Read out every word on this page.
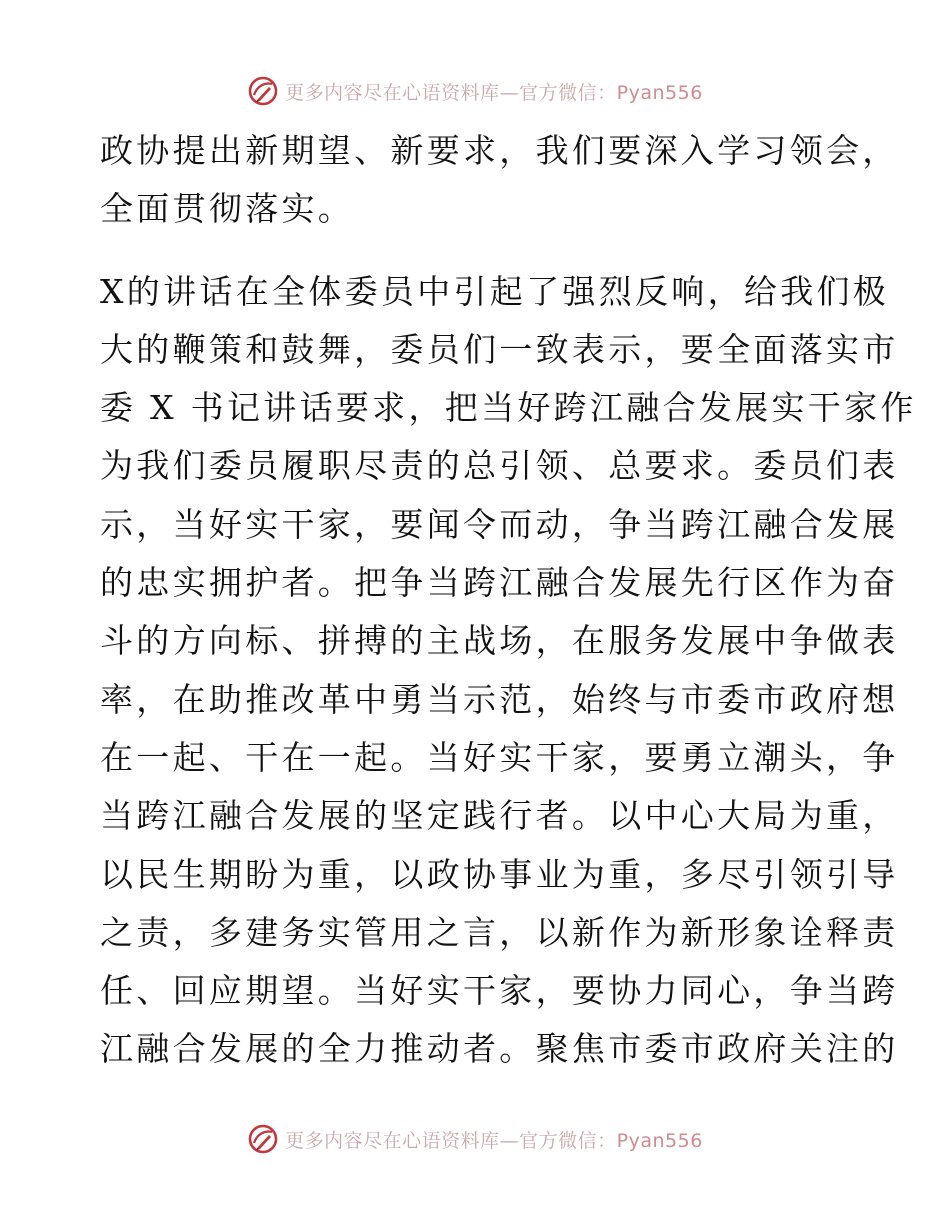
更多内容尽在心语资料库—官方微信：Pyan556

政协提出新期望、新要求，我们要深入学习领会，
全面贯彻落实。

X的讲话在全体委员中引起了强烈反响，给我们极
大的鞭策和鼓舞，委员们一致表示，要全面落实市
委 X 书记讲话要求，把当好跨江融合发展实干家作
为我们委员履职尽责的总引领、总要求。委员们表
示，当好实干家，要闻令而动，争当跨江融合发展
的忠实拥护者。把争当跨江融合发展先行区作为奋
斗的方向标、拼搏的主战场，在服务发展中争做表
率，在助推改革中勇当示范，始终与市委市政府想
在一起、干在一起。当好实干家，要勇立潮头，争
当跨江融合发展的坚定践行者。以中心大局为重，
以民生期盼为重，以政协事业为重，多尽引领引导
之责，多建务实管用之言，以新作为新形象诠释责
任、回应期望。当好实干家，要协力同心，争当跨
江融合发展的全力推动者。聚焦市委市政府关注的

更多内容尽在心语资料库—官方微信：Pyan556
